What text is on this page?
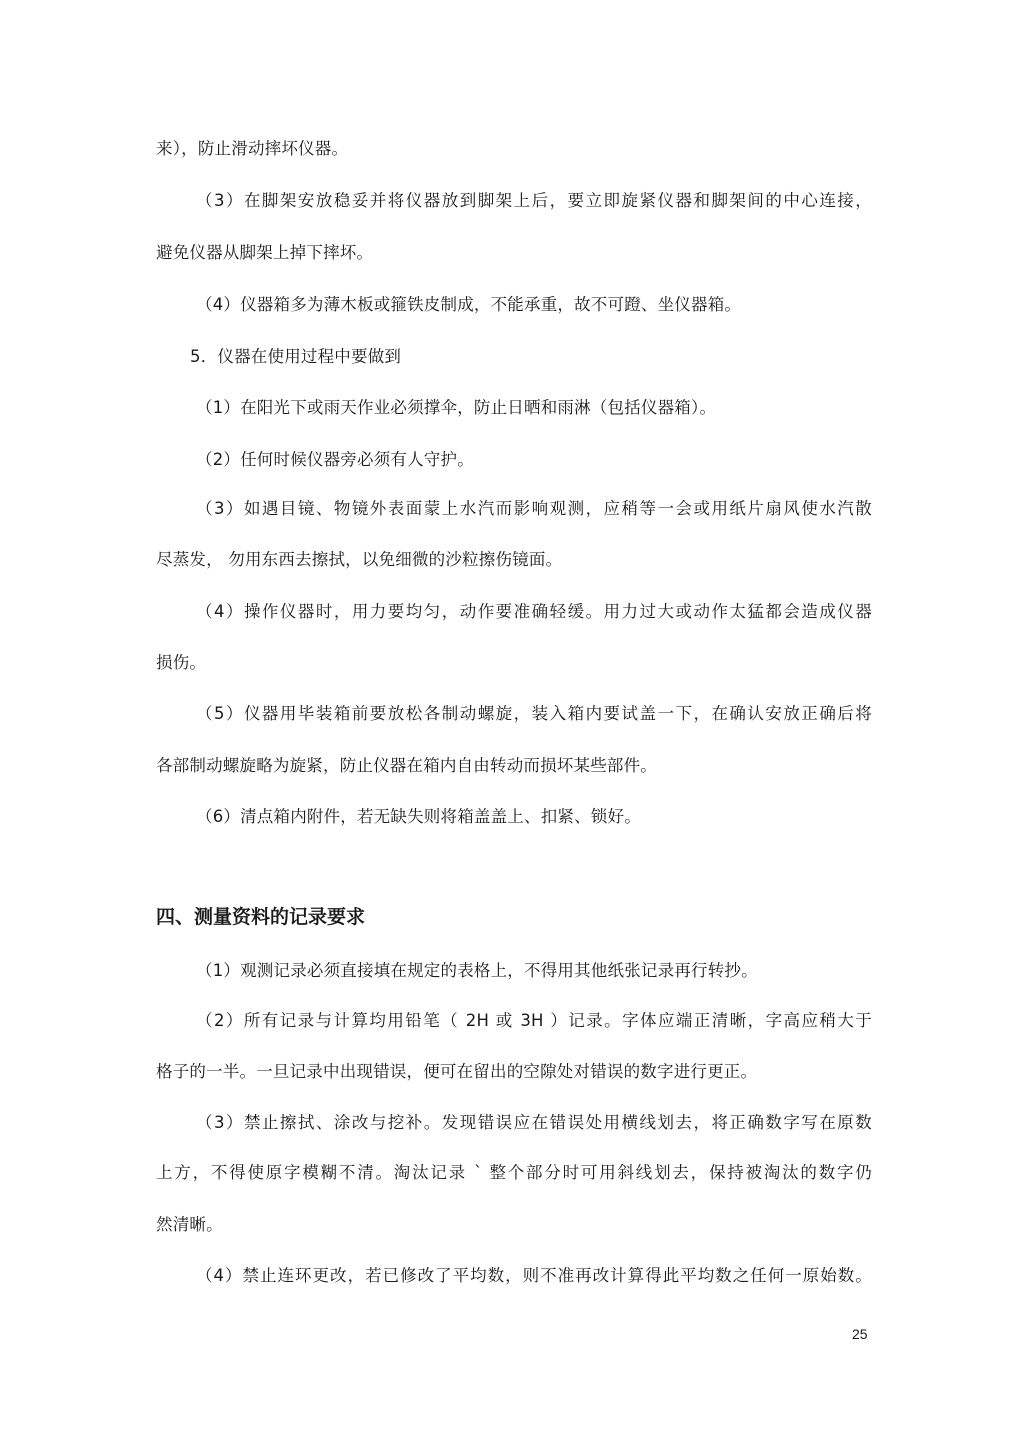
来），防止滑动摔坏仪器。
（3）在脚架安放稳妥并将仪器放到脚架上后，要立即旋紧仪器和脚架间的中心连接，
避免仪器从脚架上掉下摔坏。
（4）仪器箱多为薄木板或箍铁皮制成，不能承重，故不可蹬、坐仪器箱。
5．仪器在使用过程中要做到
（1）在阳光下或雨天作业必须撑伞，防止日晒和雨淋（包括仪器箱）。
（2）任何时候仪器旁必须有人守护。
（3）如遇目镜、物镜外表面蒙上水汽而影响观测，应稍等一会或用纸片扇风使水汽散
尽蒸发， 勿用东西去擦拭，以免细微的沙粒擦伤镜面。
（4）操作仪器时，用力要均匀，动作要准确轻缓。用力过大或动作太猛都会造成仪器
损伤。
（5）仪器用毕装箱前要放松各制动螺旋，装入箱内要试盖一下，在确认安放正确后将
各部制动螺旋略为旋紧，防止仪器在箱内自由转动而损坏某些部件。
（6）清点箱内附件，若无缺失则将箱盖盖上、扣紧、锁好。
四、测量资料的记录要求
（1）观测记录必须直接填在规定的表格上，不得用其他纸张记录再行转抄。
（2）所有记录与计算均用铅笔（ 2H 或 3H ）记录。字体应端正清晰，字高应稍大于
格子的一半。一旦记录中出现错误，便可在留出的空隙处对错误的数字进行更正。
（3）禁止擦拭、涂改与挖补。发现错误应在错误处用横线划去，将正确数字写在原数
上方，不得使原字模糊不清。淘汰记录 ` 整个部分时可用斜线划去，保持被淘汰的数字仍
然清晰。
（4）禁止连环更改，若已修改了平均数，则不准再改计算得此平均数之任何一原始数。
25
